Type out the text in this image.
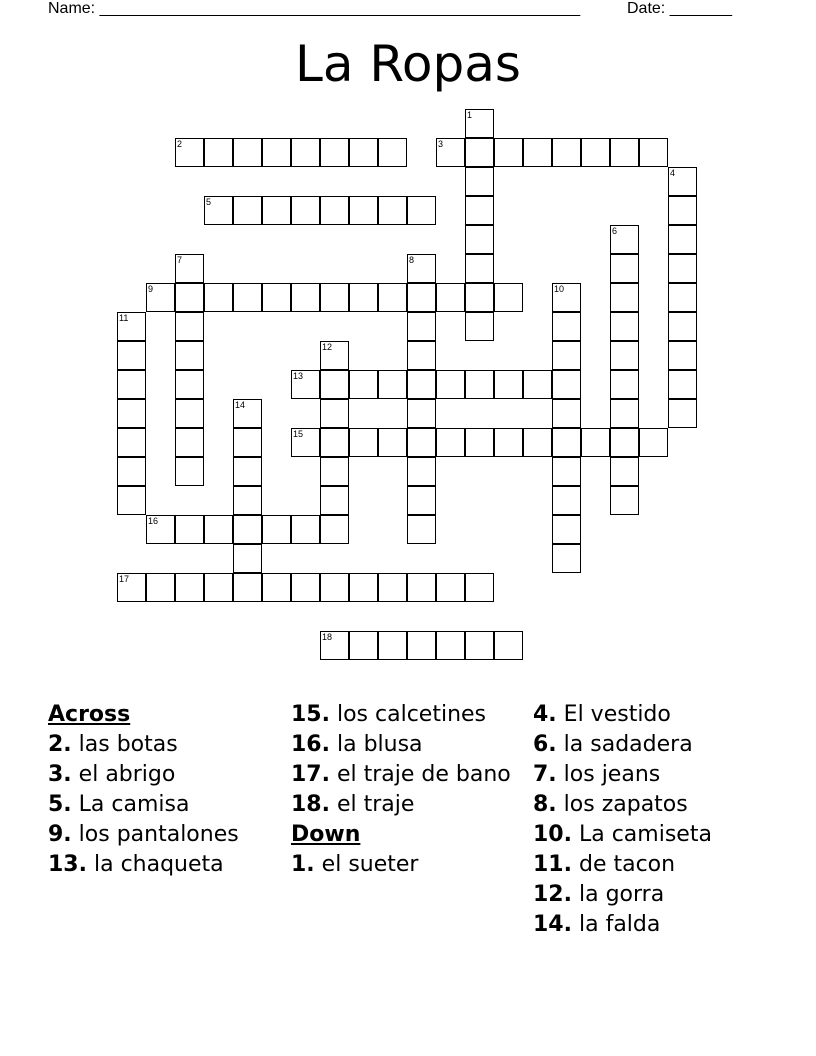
Name: ______________________________________________________	Date: _______
La Ropas
1
2	3
4
5
6
7	8
9	10
11
12
13
14
15
16
17
18
Across
2. las botas
3. el abrigo
5. La camisa
9. los pantalones
13. la chaqueta
15. los calcetines
16. la blusa
17. el traje de bano
18. el traje
Down
1. el sueter
4. El vestido
6. la sadadera
7. los jeans
8. los zapatos
10. La camiseta
11. de tacon
12. la gorra
14. la falda
